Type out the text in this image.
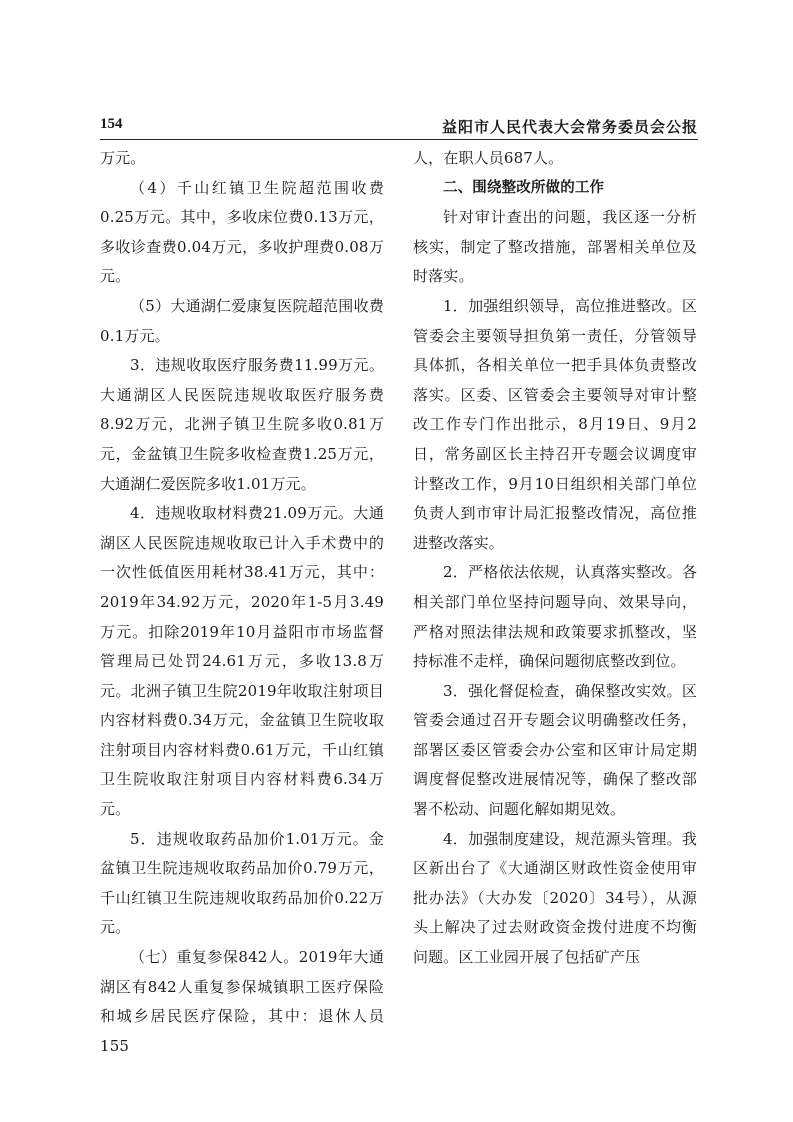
154	益阳市人民代表大会常务委员会公报

万元。

（4）千山红镇卫生院超范围收费0.25万元。其中，多收床位费0.13万元，多收诊查费0.04万元，多收护理费0.08万元。

（5）大通湖仁爱康复医院超范围收费0.1万元。

3．违规收取医疗服务费11.99万元。大通湖区人民医院违规收取医疗服务费8.92万元，北洲子镇卫生院多收0.81万元，金盆镇卫生院多收检查费1.25万元，大通湖仁爱医院多收1.01万元。

4．违规收取材料费21.09万元。大通湖区人民医院违规收取已计入手术费中的一次性低值医用耗材38.41万元，其中：2019年34.92万元，2020年1-5月3.49万元。扣除2019年10月益阳市市场监督管理局已处罚24.61万元，多收13.8万元。北洲子镇卫生院2019年收取注射项目内容材料费0.34万元，金盆镇卫生院收取注射项目内容材料费0.61万元，千山红镇卫生院收取注射项目内容材料费6.34万元。

5．违规收取药品加价1.01万元。金盆镇卫生院违规收取药品加价0.79万元，千山红镇卫生院违规收取药品加价0.22万元。

（七）重复参保842人。2019年大通湖区有842人重复参保城镇职工医疗保险和城乡居民医疗保险，其中：退休人员155

人，在职人员687人。

二、围绕整改所做的工作

针对审计查出的问题，我区逐一分析核实，制定了整改措施，部署相关单位及时落实。

1．加强组织领导，高位推进整改。区管委会主要领导担负第一责任，分管领导具体抓，各相关单位一把手具体负责整改落实。区委、区管委会主要领导对审计整改工作专门作出批示，8月19日、9月2日，常务副区长主持召开专题会议调度审计整改工作，9月10日组织相关部门单位负责人到市审计局汇报整改情况，高位推进整改落实。

2．严格依法依规，认真落实整改。各相关部门单位坚持问题导向、效果导向，严格对照法律法规和政策要求抓整改，坚持标准不走样，确保问题彻底整改到位。

3．强化督促检查，确保整改实效。区管委会通过召开专题会议明确整改任务，部署区委区管委会办公室和区审计局定期调度督促整改进展情况等，确保了整改部署不松动、问题化解如期见效。

4．加强制度建设，规范源头管理。我区新出台了《大通湖区财政性资金使用审批办法》（大办发〔2020〕34号），从源头上解决了过去财政资金拨付进度不均衡问题。区工业园开展了包括矿产压
